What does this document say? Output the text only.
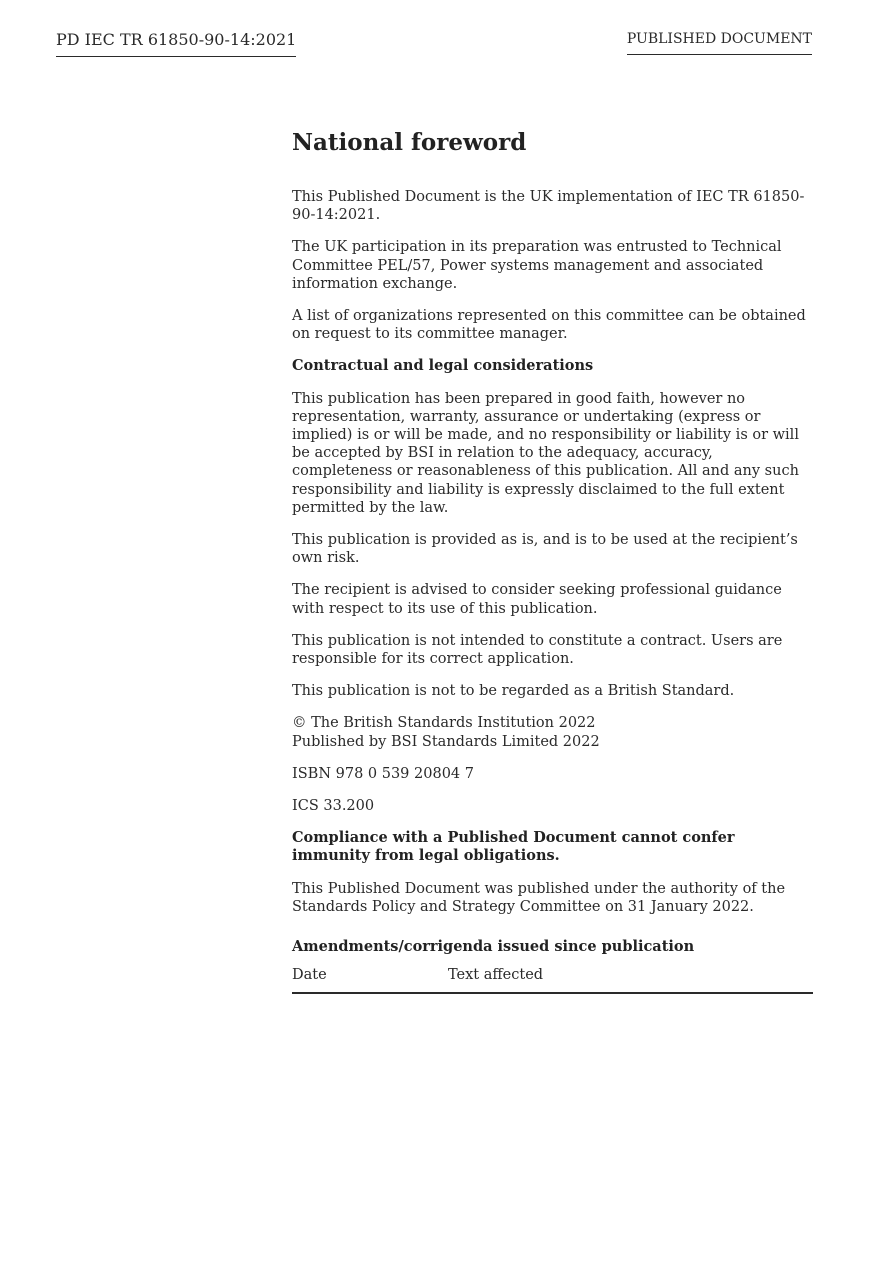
PD IEC TR 61850-90-14:2021	PUBLISHED DOCUMENT
National foreword

This Published Document is the UK implementation of IEC TR 61850-90-14:2021.

The UK participation in its preparation was entrusted to Technical Committee PEL/57, Power systems management and associated information exchange.

A list of organizations represented on this committee can be obtained on request to its committee manager.

Contractual and legal considerations

This publication has been prepared in good faith, however no representation, warranty, assurance or undertaking (express or implied) is or will be made, and no responsibility or liability is or will be accepted by BSI in relation to the adequacy, accuracy, completeness or reasonableness of this publication. All and any such responsibility and liability is expressly disclaimed to the full extent permitted by the law.

This publication is provided as is, and is to be used at the recipient’s own risk.

The recipient is advised to consider seeking professional guidance with respect to its use of this publication.

This publication is not intended to constitute a contract. Users are responsible for its correct application.

This publication is not to be regarded as a British Standard.

© The British Standards Institution 2022
Published by BSI Standards Limited 2022

ISBN 978 0 539 20804 7

ICS 33.200

Compliance with a Published Document cannot confer immunity from legal obligations.

This Published Document was published under the authority of the Standards Policy and Strategy Committee on 31 January 2022.

Amendments/corrigenda issued since publication

Date	Text affected
